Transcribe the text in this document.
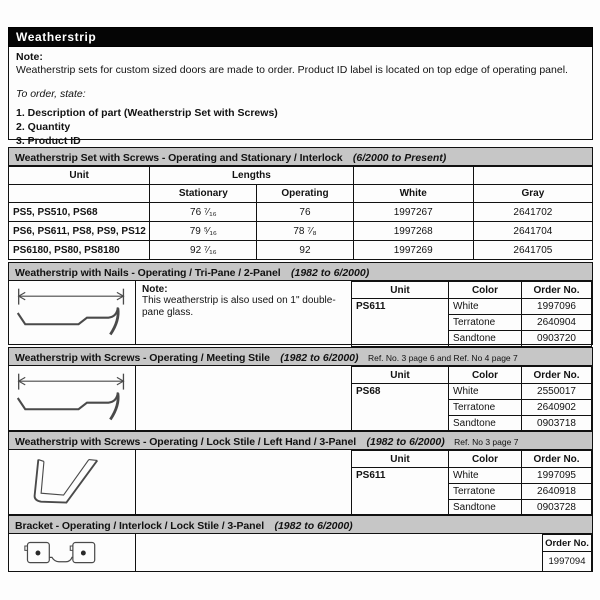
Weatherstrip
Note:
Weatherstrip sets for custom sized doors are made to order. Product ID label is located on top edge of operating panel.
To order, state:
1. Description of part (Weatherstrip Set with Screws)
2. Quantity
3. Product ID
Weatherstrip Set with Screws - Operating and Stationary / Interlock (6/2000 to Present)
Unit	Lengths			
	Stationary	Operating	White	Gray
PS5, PS510, PS68	76 ⁷⁄₁₆	76	1997267	2641702
PS6, PS611, PS8, PS9, PS12	79 ⁵⁄₁₆	78 ⁷⁄₈	1997268	2641704
PS6180, PS80, PS8180	92 ⁷⁄₁₆	92	1997269	2641705
Weatherstrip with Nails - Operating / Tri-Pane / 2-Panel (1982 to 6/2000)
Note:
This weatherstrip is also used on 1" double-pane glass.
Unit	Color	Order No.
PS611	White	1997096
	Terratone	2640904
	Sandtone	0903720
Weatherstrip with Screws - Operating / Meeting Stile (1982 to 6/2000) Ref. No. 3 page 6 and Ref. No 4 page 7
Unit	Color	Order No.
PS68	White	2550017
	Terratone	2640902
	Sandtone	0903718
Weatherstrip with Screws - Operating / Lock Stile / Left Hand / 3-Panel (1982 to 6/2000) Ref. No 3 page 7
Unit	Color	Order No.
PS611	White	1997095
	Terratone	2640918
	Sandtone	0903728
Bracket - Operating / Interlock / Lock Stile / 3-Panel (1982 to 6/2000)
Order No.
1997094
